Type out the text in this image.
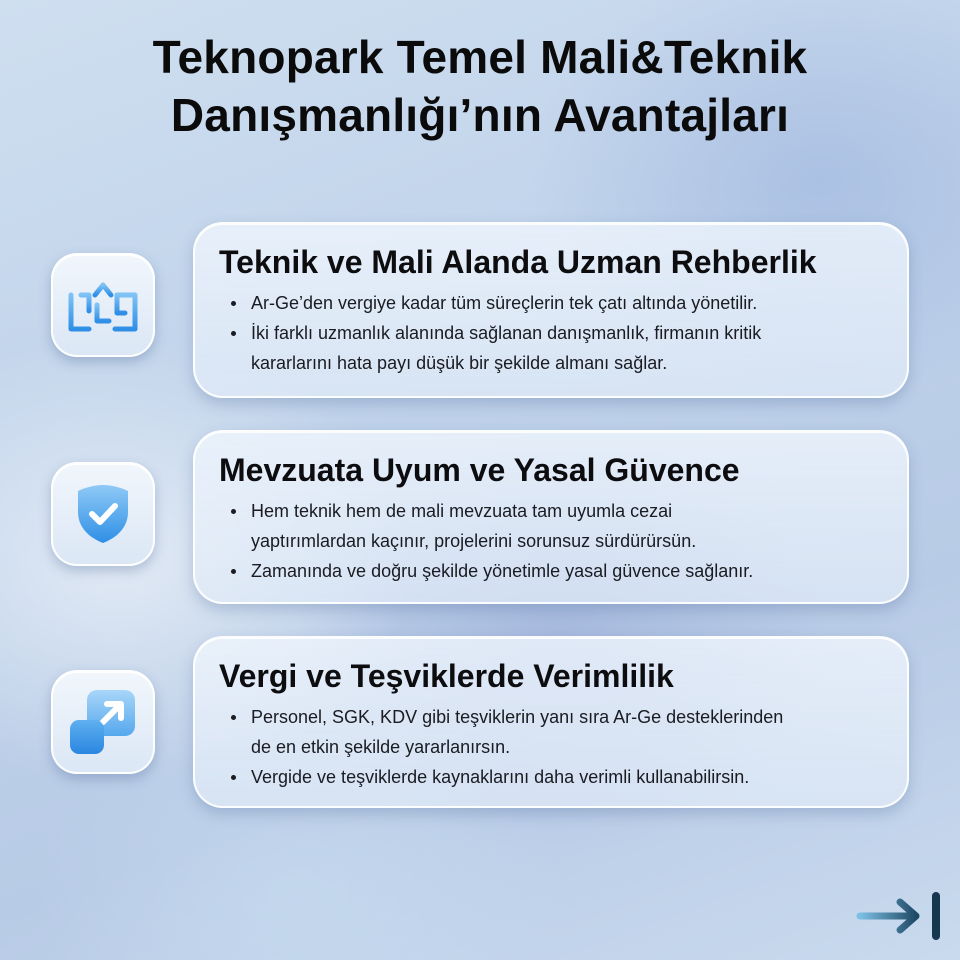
Teknopark Temel Mali&Teknik
Danışmanlığı’nın Avantajları
Teknik ve Mali Alanda Uzman Rehberlik
Ar-Ge’den vergiye kadar tüm süreçlerin tek çatı altında yönetilir.
İki farklı uzmanlık alanında sağlanan danışmanlık, firmanın kritik
kararlarını hata payı düşük bir şekilde almanı sağlar.
Mevzuata Uyum ve Yasal Güvence
Hem teknik hem de mali mevzuata tam uyumla cezai
yaptırımlardan kaçınır, projelerini sorunsuz sürdürürsün.
Zamanında ve doğru şekilde yönetimle yasal güvence sağlanır.
Vergi ve Teşviklerde Verimlilik
Personel, SGK, KDV gibi teşviklerin yanı sıra Ar-Ge desteklerinden
de en etkin şekilde yararlanırsın.
Vergide ve teşviklerde kaynaklarını daha verimli kullanabilirsin.
